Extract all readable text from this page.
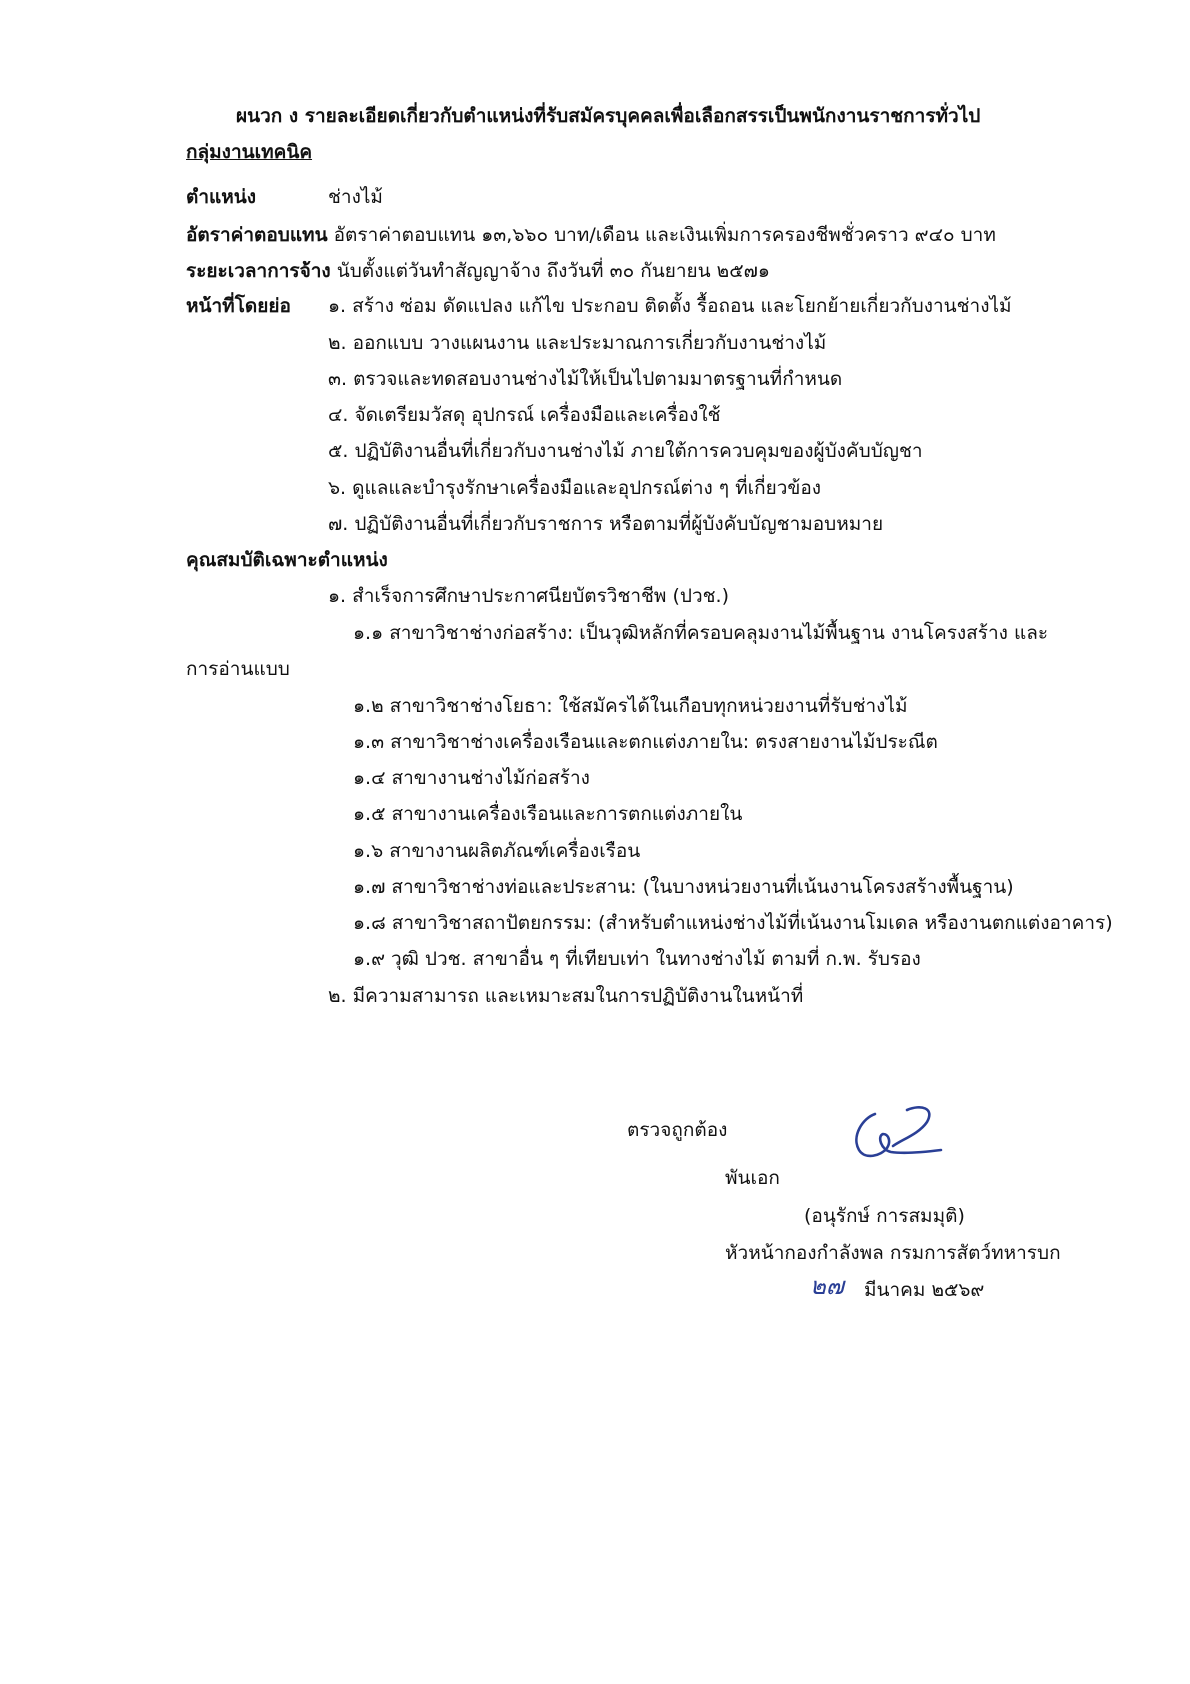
ผนวก ง รายละเอียดเกี่ยวกับตำแหน่งที่รับสมัครบุคคลเพื่อเลือกสรรเป็นพนักงานราชการทั่วไป
กลุ่มงานเทคนิค
ตำแหน่ง	ช่างไม้
อัตราค่าตอบแทน อัตราค่าตอบแทน ๑๓,๖๖๐ บาท/เดือน และเงินเพิ่มการครองชีพชั่วคราว ๙๔๐ บาท
ระยะเวลาการจ้าง นับตั้งแต่วันทำสัญญาจ้าง ถึงวันที่ ๓๐ กันยายน ๒๕๗๑
หน้าที่โดยย่อ ๑. สร้าง ซ่อม ดัดแปลง แก้ไข ประกอบ ติดตั้ง รื้อถอน และโยกย้ายเกี่ยวกับงานช่างไม้
๒. ออกแบบ วางแผนงาน และประมาณการเกี่ยวกับงานช่างไม้
๓. ตรวจและทดสอบงานช่างไม้ให้เป็นไปตามมาตรฐานที่กำหนด
๔. จัดเตรียมวัสดุ อุปกรณ์ เครื่องมือและเครื่องใช้
๕. ปฏิบัติงานอื่นที่เกี่ยวกับงานช่างไม้ ภายใต้การควบคุมของผู้บังคับบัญชา
๖. ดูแลและบำรุงรักษาเครื่องมือและอุปกรณ์ต่าง ๆ ที่เกี่ยวข้อง
๗. ปฏิบัติงานอื่นที่เกี่ยวกับราชการ หรือตามที่ผู้บังคับบัญชามอบหมาย
คุณสมบัติเฉพาะตำแหน่ง
๑. สำเร็จการศึกษาประกาศนียบัตรวิชาชีพ (ปวช.)
๑.๑ สาขาวิชาช่างก่อสร้าง: เป็นวุฒิหลักที่ครอบคลุมงานไม้พื้นฐาน งานโครงสร้าง และ
การอ่านแบบ
๑.๒ สาขาวิชาช่างโยธา: ใช้สมัครได้ในเกือบทุกหน่วยงานที่รับช่างไม้
๑.๓ สาขาวิชาช่างเครื่องเรือนและตกแต่งภายใน: ตรงสายงานไม้ประณีต
๑.๔ สาขางานช่างไม้ก่อสร้าง
๑.๕ สาขางานเครื่องเรือนและการตกแต่งภายใน
๑.๖ สาขางานผลิตภัณฑ์เครื่องเรือน
๑.๗ สาขาวิชาช่างท่อและประสาน: (ในบางหน่วยงานที่เน้นงานโครงสร้างพื้นฐาน)
๑.๘ สาขาวิชาสถาปัตยกรรม: (สำหรับตำแหน่งช่างไม้ที่เน้นงานโมเดล หรืองานตกแต่งอาคาร)
๑.๙ วุฒิ ปวช. สาขาอื่น ๆ ที่เทียบเท่า ในทางช่างไม้ ตามที่ ก.พ. รับรอง
๒. มีความสามารถ และเหมาะสมในการปฏิบัติงานในหน้าที่
ตรวจถูกต้อง
พันเอก
(อนุรักษ์ การสมมุติ)
หัวหน้ากองกำลังพล กรมการสัตว์ทหารบก
๒๗ มีนาคม ๒๕๖๙
